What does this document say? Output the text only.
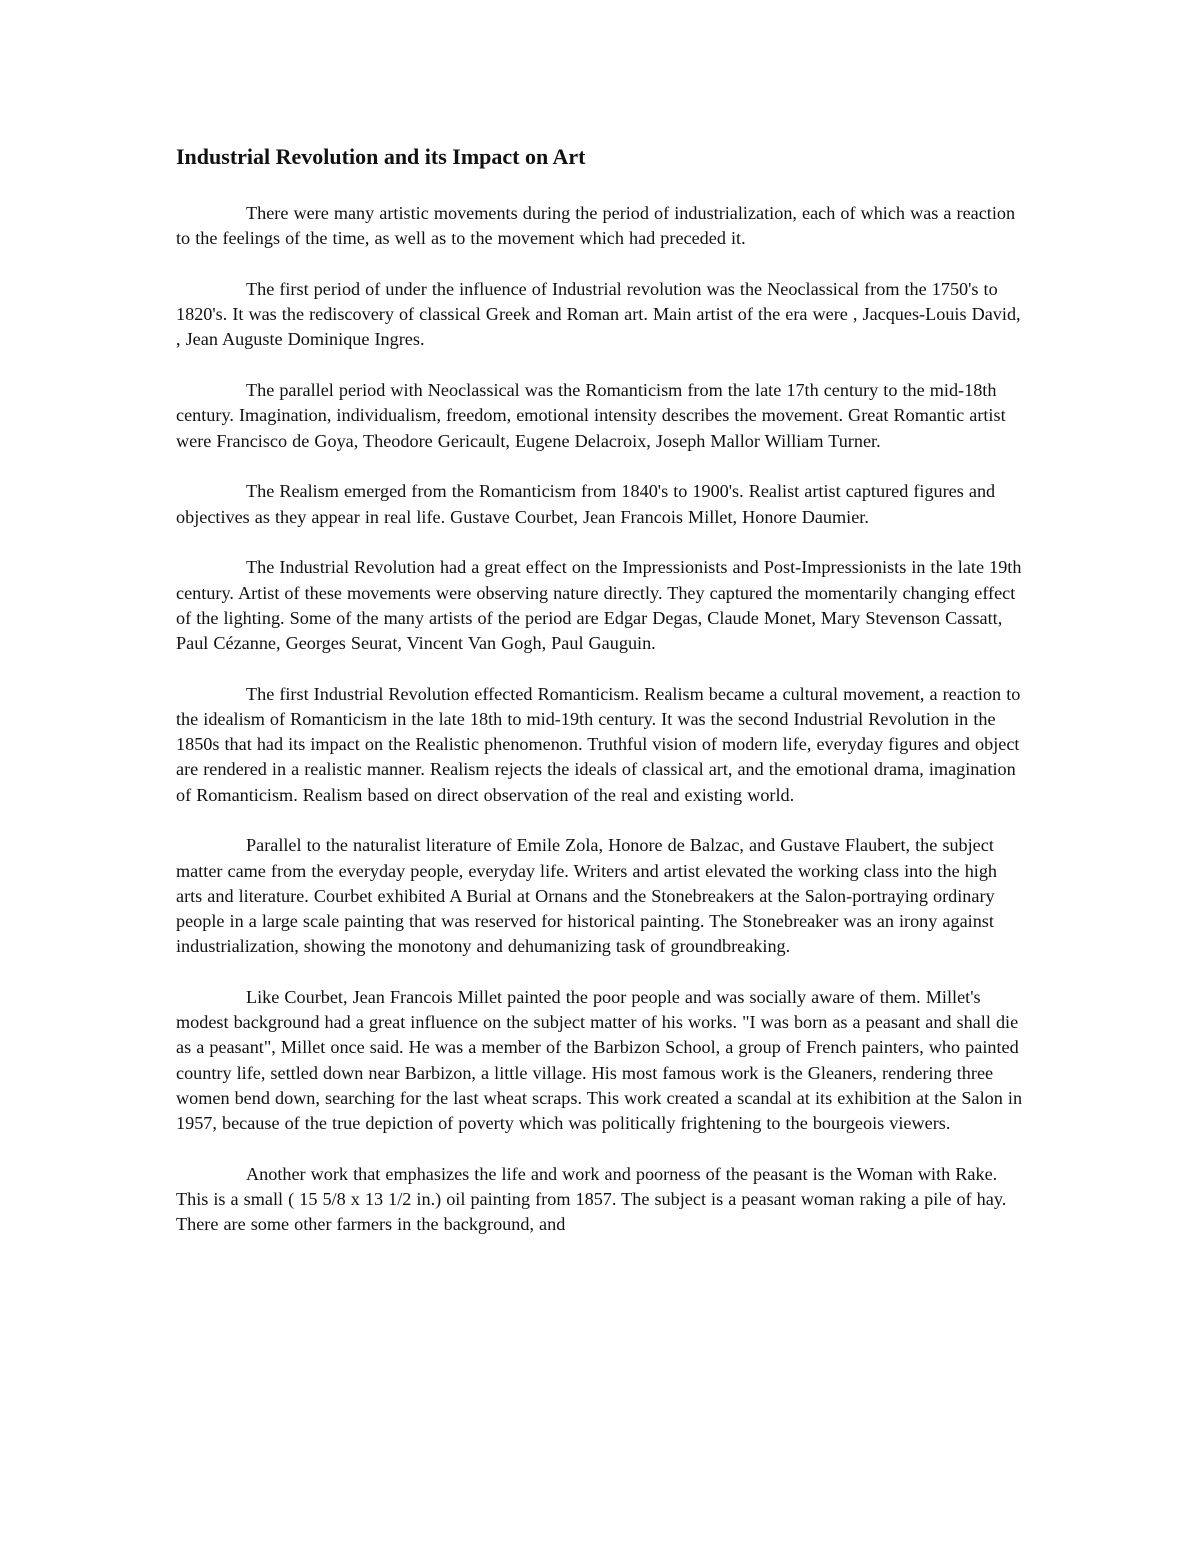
Industrial Revolution and its Impact on Art

There were many artistic movements during the period of industrialization, each of which was a reaction to the feelings of the time, as well as to the movement which had preceded it.

The first period of under the influence of Industrial revolution was the Neoclassical from the 1750's to 1820's. It was the rediscovery of classical Greek and Roman art. Main artist of the era were , Jacques-Louis David, , Jean Auguste Dominique Ingres.

The parallel period with Neoclassical was the Romanticism from the late 17th century to the mid-18th century. Imagination, individualism, freedom, emotional intensity describes the movement. Great Romantic artist were Francisco de Goya, Theodore Gericault, Eugene Delacroix, Joseph Mallor William Turner.

The Realism emerged from the Romanticism from 1840's to 1900's. Realist artist captured figures and objectives as they appear in real life. Gustave Courbet, Jean Francois Millet, Honore Daumier.

The Industrial Revolution had a great effect on the Impressionists and Post-Impressionists in the late 19th century. Artist of these movements were observing nature directly. They captured the momentarily changing effect of the lighting. Some of the many artists of the period are Edgar Degas, Claude Monet, Mary Stevenson Cassatt, Paul Cézanne, Georges Seurat, Vincent Van Gogh, Paul Gauguin.

The first Industrial Revolution effected Romanticism. Realism became a cultural movement, a reaction to the idealism of Romanticism in the late 18th to mid-19th century. It was the second Industrial Revolution in the 1850s that had its impact on the Realistic phenomenon. Truthful vision of modern life, everyday figures and object are rendered in a realistic manner. Realism rejects the ideals of classical art, and the emotional drama, imagination of Romanticism. Realism based on direct observation of the real and existing world.

Parallel to the naturalist literature of Emile Zola, Honore de Balzac, and Gustave Flaubert, the subject matter came from the everyday people, everyday life. Writers and artist elevated the working class into the high arts and literature. Courbet exhibited A Burial at Ornans and the Stonebreakers at the Salon-portraying ordinary people in a large scale painting that was reserved for historical painting. The Stonebreaker was an irony against industrialization, showing the monotony and dehumanizing task of groundbreaking.

Like Courbet, Jean Francois Millet painted the poor people and was socially aware of them. Millet's modest background had a great influence on the subject matter of his works. "I was born as a peasant and shall die as a peasant", Millet once said. He was a member of the Barbizon School, a group of French painters, who painted country life, settled down near Barbizon, a little village. His most famous work is the Gleaners, rendering three women bend down, searching for the last wheat scraps. This work created a scandal at its exhibition at the Salon in 1957, because of the true depiction of poverty which was politically frightening to the bourgeois viewers.

Another work that emphasizes the life and work and poorness of the peasant is the Woman with Rake. This is a small ( 15 5/8 x 13 1/2 in.) oil painting from 1857. The subject is a peasant woman raking a pile of hay. There are some other farmers in the background, and
